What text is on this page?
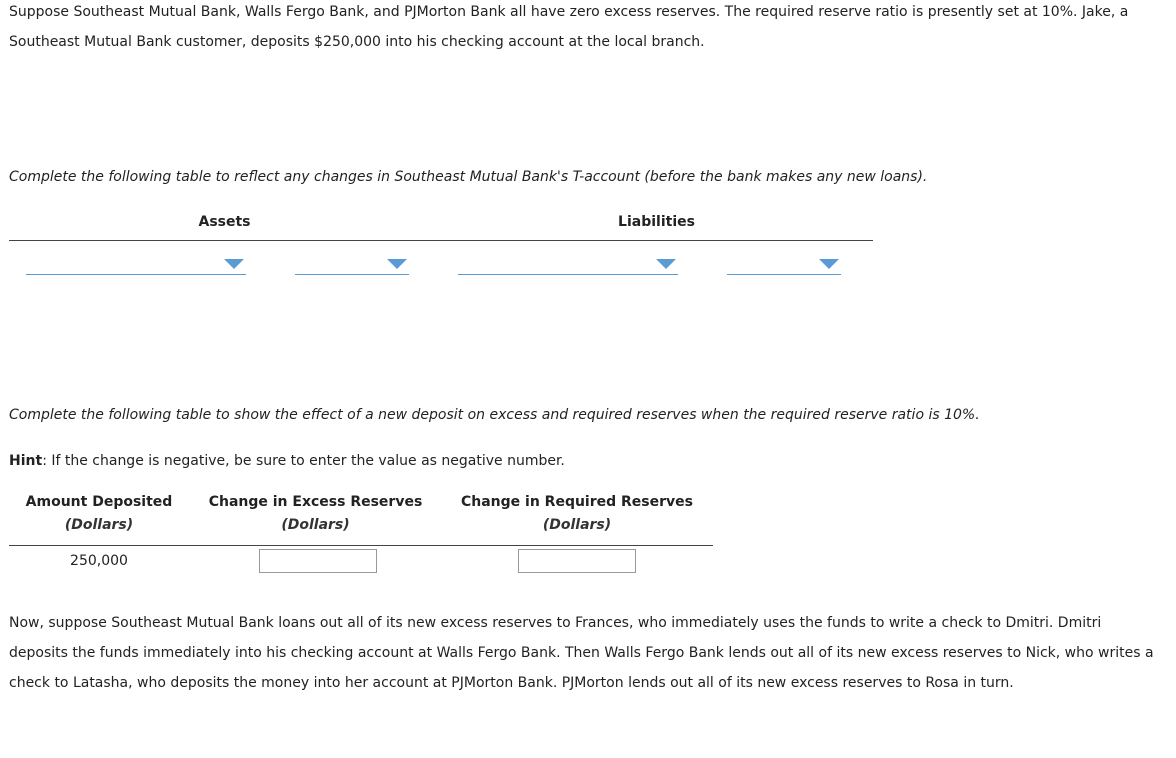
Suppose Southeast Mutual Bank, Walls Fergo Bank, and PJMorton Bank all have zero excess reserves. The required reserve ratio is presently set at 10%. Jake, a Southeast Mutual Bank customer, deposits $250,000 into his checking account at the local branch.

Complete the following table to reflect any changes in Southeast Mutual Bank's T-account (before the bank makes any new loans).

Assets	Liabilities

Complete the following table to show the effect of a new deposit on excess and required reserves when the required reserve ratio is 10%.

Hint: If the change is negative, be sure to enter the value as negative number.

Amount Deposited
(Dollars)
Change in Excess Reserves
(Dollars)
Change in Required Reserves
(Dollars)
250,000

Now, suppose Southeast Mutual Bank loans out all of its new excess reserves to Frances, who immediately uses the funds to write a check to Dmitri. Dmitri deposits the funds immediately into his checking account at Walls Fergo Bank. Then Walls Fergo Bank lends out all of its new excess reserves to Nick, who writes a check to Latasha, who deposits the money into her account at PJMorton Bank. PJMorton lends out all of its new excess reserves to Rosa in turn.
